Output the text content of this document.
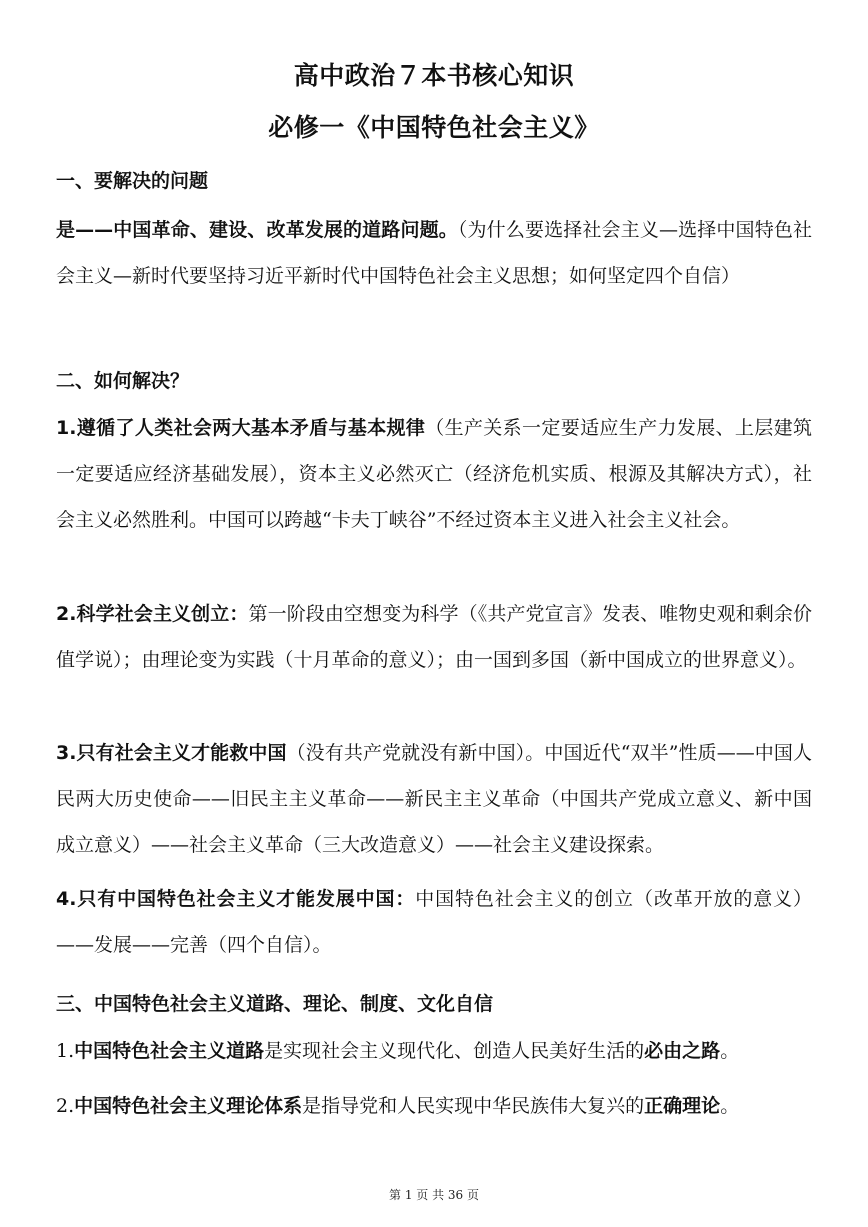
高中政治７本书核心知识
必修一《中国特色社会主义》
一、要解决的问题

是——中国革命、建设、改革发展的道路问题。（为什么要选择社会主义—选择中国特色社会主义—新时代要坚持习近平新时代中国特色社会主义思想；如何坚定四个自信）

二、如何解决？

1.遵循了人类社会两大基本矛盾与基本规律（生产关系一定要适应生产力发展、上层建筑一定要适应经济基础发展），资本主义必然灭亡（经济危机实质、根源及其解决方式），社会主义必然胜利。中国可以跨越“卡夫丁峡谷”不经过资本主义进入社会主义社会。

2.科学社会主义创立：第一阶段由空想变为科学（《共产党宣言》发表、唯物史观和剩余价值学说）；由理论变为实践（十月革命的意义）；由一国到多国（新中国成立的世界意义）。

3.只有社会主义才能救中国（没有共产党就没有新中国）。中国近代“双半”性质——中国人民两大历史使命——旧民主主义革命——新民主主义革命（中国共产党成立意义、新中国成立意义）——社会主义革命（三大改造意义）——社会主义建设探索。

4.只有中国特色社会主义才能发展中国：中国特色社会主义的创立（改革开放的意义）——发展——完善（四个自信）。

三、中国特色社会主义道路、理论、制度、文化自信

1.中国特色社会主义道路是实现社会主义现代化、创造人民美好生活的必由之路。

2.中国特色社会主义理论体系是指导党和人民实现中华民族伟大复兴的正确理论。

第 1 页 共 36 页
